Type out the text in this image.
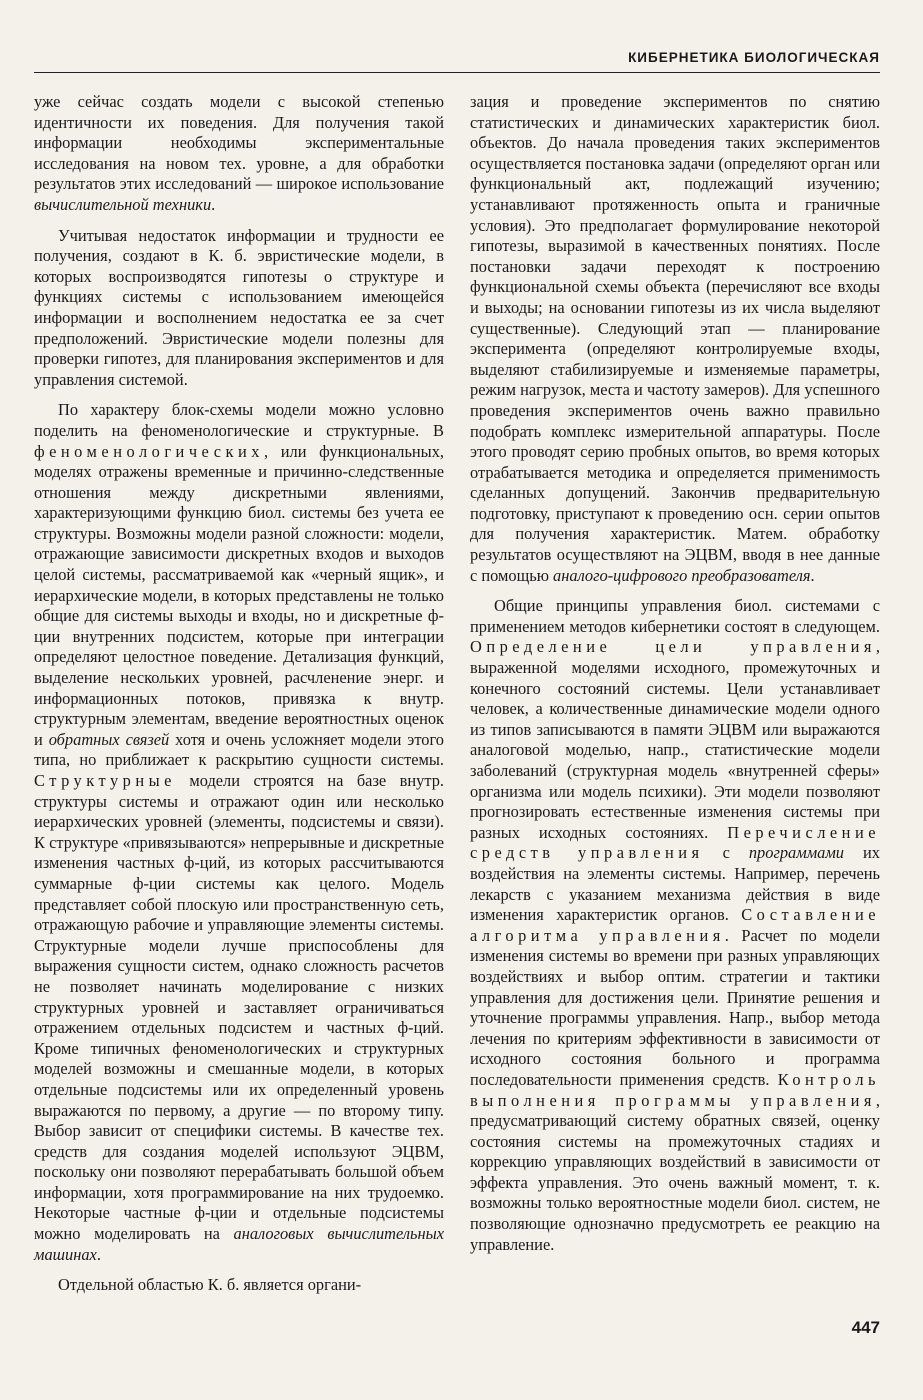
КИБЕРНЕТИКА БИОЛОГИЧЕСКАЯ

уже сейчас создать модели с высокой степенью идентичности их поведения. Для получения такой информации необходимы экспериментальные исследования на новом тех. уровне, а для обработки результатов этих исследований — широкое использование вычислительной техники.

Учитывая недостаток информации и трудности ее получения, создают в К. б. эвристические модели, в которых воспроизводятся гипотезы о структуре и функциях системы с использованием имеющейся информации и восполнением недостатка ее за счет предположений. Эвристические модели полезны для проверки гипотез, для планирования экспериментов и для управления системой.

По характеру блок-схемы модели можно условно поделить на феноменологические и структурные. В феноменологических, или функциональных, моделях отражены временные и причинно-следственные отношения между дискретными явлениями, характеризующими функцию биол. системы без учета ее структуры. Возможны модели разной сложности: модели, отражающие зависимости дискретных входов и выходов целой системы, рассматриваемой как «черный ящик», и иерархические модели, в которых представлены не только общие для системы выходы и входы, но и дискретные ф-ции внутренних подсистем, которые при интеграции определяют целостное поведение. Детализация функций, выделение нескольких уровней, расчленение энерг. и информационных потоков, привязка к внутр. структурным элементам, введение вероятностных оценок и обратных связей хотя и очень усложняет модели этого типа, но приближает к раскрытию сущности системы. Структурные модели строятся на базе внутр. структуры системы и отражают один или несколько иерархических уровней (элементы, подсистемы и связи). К структуре «привязываются» непрерывные и дискретные изменения частных ф-ций, из которых рассчитываются суммарные ф-ции системы как целого. Модель представляет собой плоскую или пространственную сеть, отражающую рабочие и управляющие элементы системы. Структурные модели лучше приспособлены для выражения сущности систем, однако сложность расчетов не позволяет начинать моделирование с низких структурных уровней и заставляет ограничиваться отражением отдельных подсистем и частных ф-ций. Кроме типичных феноменологических и структурных моделей возможны и смешанные модели, в которых отдельные подсистемы или их определенный уровень выражаются по первому, а другие — по второму типу. Выбор зависит от специфики системы. В качестве тех. средств для создания моделей используют ЭЦВМ, поскольку они позволяют перерабатывать большой объем информации, хотя программирование на них трудоемко. Некоторые частные ф-ции и отдельные подсистемы можно моделировать на аналоговых вычислительных машинах.

Отдельной областью К. б. является органи-

зация и проведение экспериментов по снятию статистических и динамических характеристик биол. объектов. До начала проведения таких экспериментов осуществляется постановка задачи (определяют орган или функциональный акт, подлежащий изучению; устанавливают протяженность опыта и граничные условия). Это предполагает формулирование некоторой гипотезы, выразимой в качественных понятиях. После постановки задачи переходят к построению функциональной схемы объекта (перечисляют все входы и выходы; на основании гипотезы из их числа выделяют существенные). Следующий этап — планирование эксперимента (определяют контролируемые входы, выделяют стабилизируемые и изменяемые параметры, режим нагрузок, места и частоту замеров). Для успешного проведения экспериментов очень важно правильно подобрать комплекс измерительной аппаратуры. После этого проводят серию пробных опытов, во время которых отрабатывается методика и определяется применимость сделанных допущений. Закончив предварительную подготовку, приступают к проведению осн. серии опытов для получения характеристик. Матем. обработку результатов осуществляют на ЭЦВМ, вводя в нее данные с помощью аналого-цифрового преобразователя.

Общие принципы управления биол. системами с применением методов кибернетики состоят в следующем. Определение цели управления, выраженной моделями исходного, промежуточных и конечного состояний системы. Цели устанавливает человек, а количественные динамические модели одного из типов записываются в памяти ЭЦВМ или выражаются аналоговой моделью, напр., статистические модели заболеваний (структурная модель «внутренней сферы» организма или модель психики). Эти модели позволяют прогнозировать естественные изменения системы при разных исходных состояниях. Перечисление средств управления с программами их воздействия на элементы системы. Например, перечень лекарств с указанием механизма действия в виде изменения характеристик органов. Составление алгоритма управления. Расчет по модели изменения системы во времени при разных управляющих воздействиях и выбор оптим. стратегии и тактики управления для достижения цели. Принятие решения и уточнение программы управления. Напр., выбор метода лечения по критериям эффективности в зависимости от исходного состояния больного и программа последовательности применения средств. Контроль выполнения программы управления, предусматривающий систему обратных связей, оценку состояния системы на промежуточных стадиях и коррекцию управляющих воздействий в зависимости от эффекта управления. Это очень важный момент, т. к. возможны только вероятностные модели биол. систем, не позволяющие однозначно предусмотреть ее реакцию на управление.

447
